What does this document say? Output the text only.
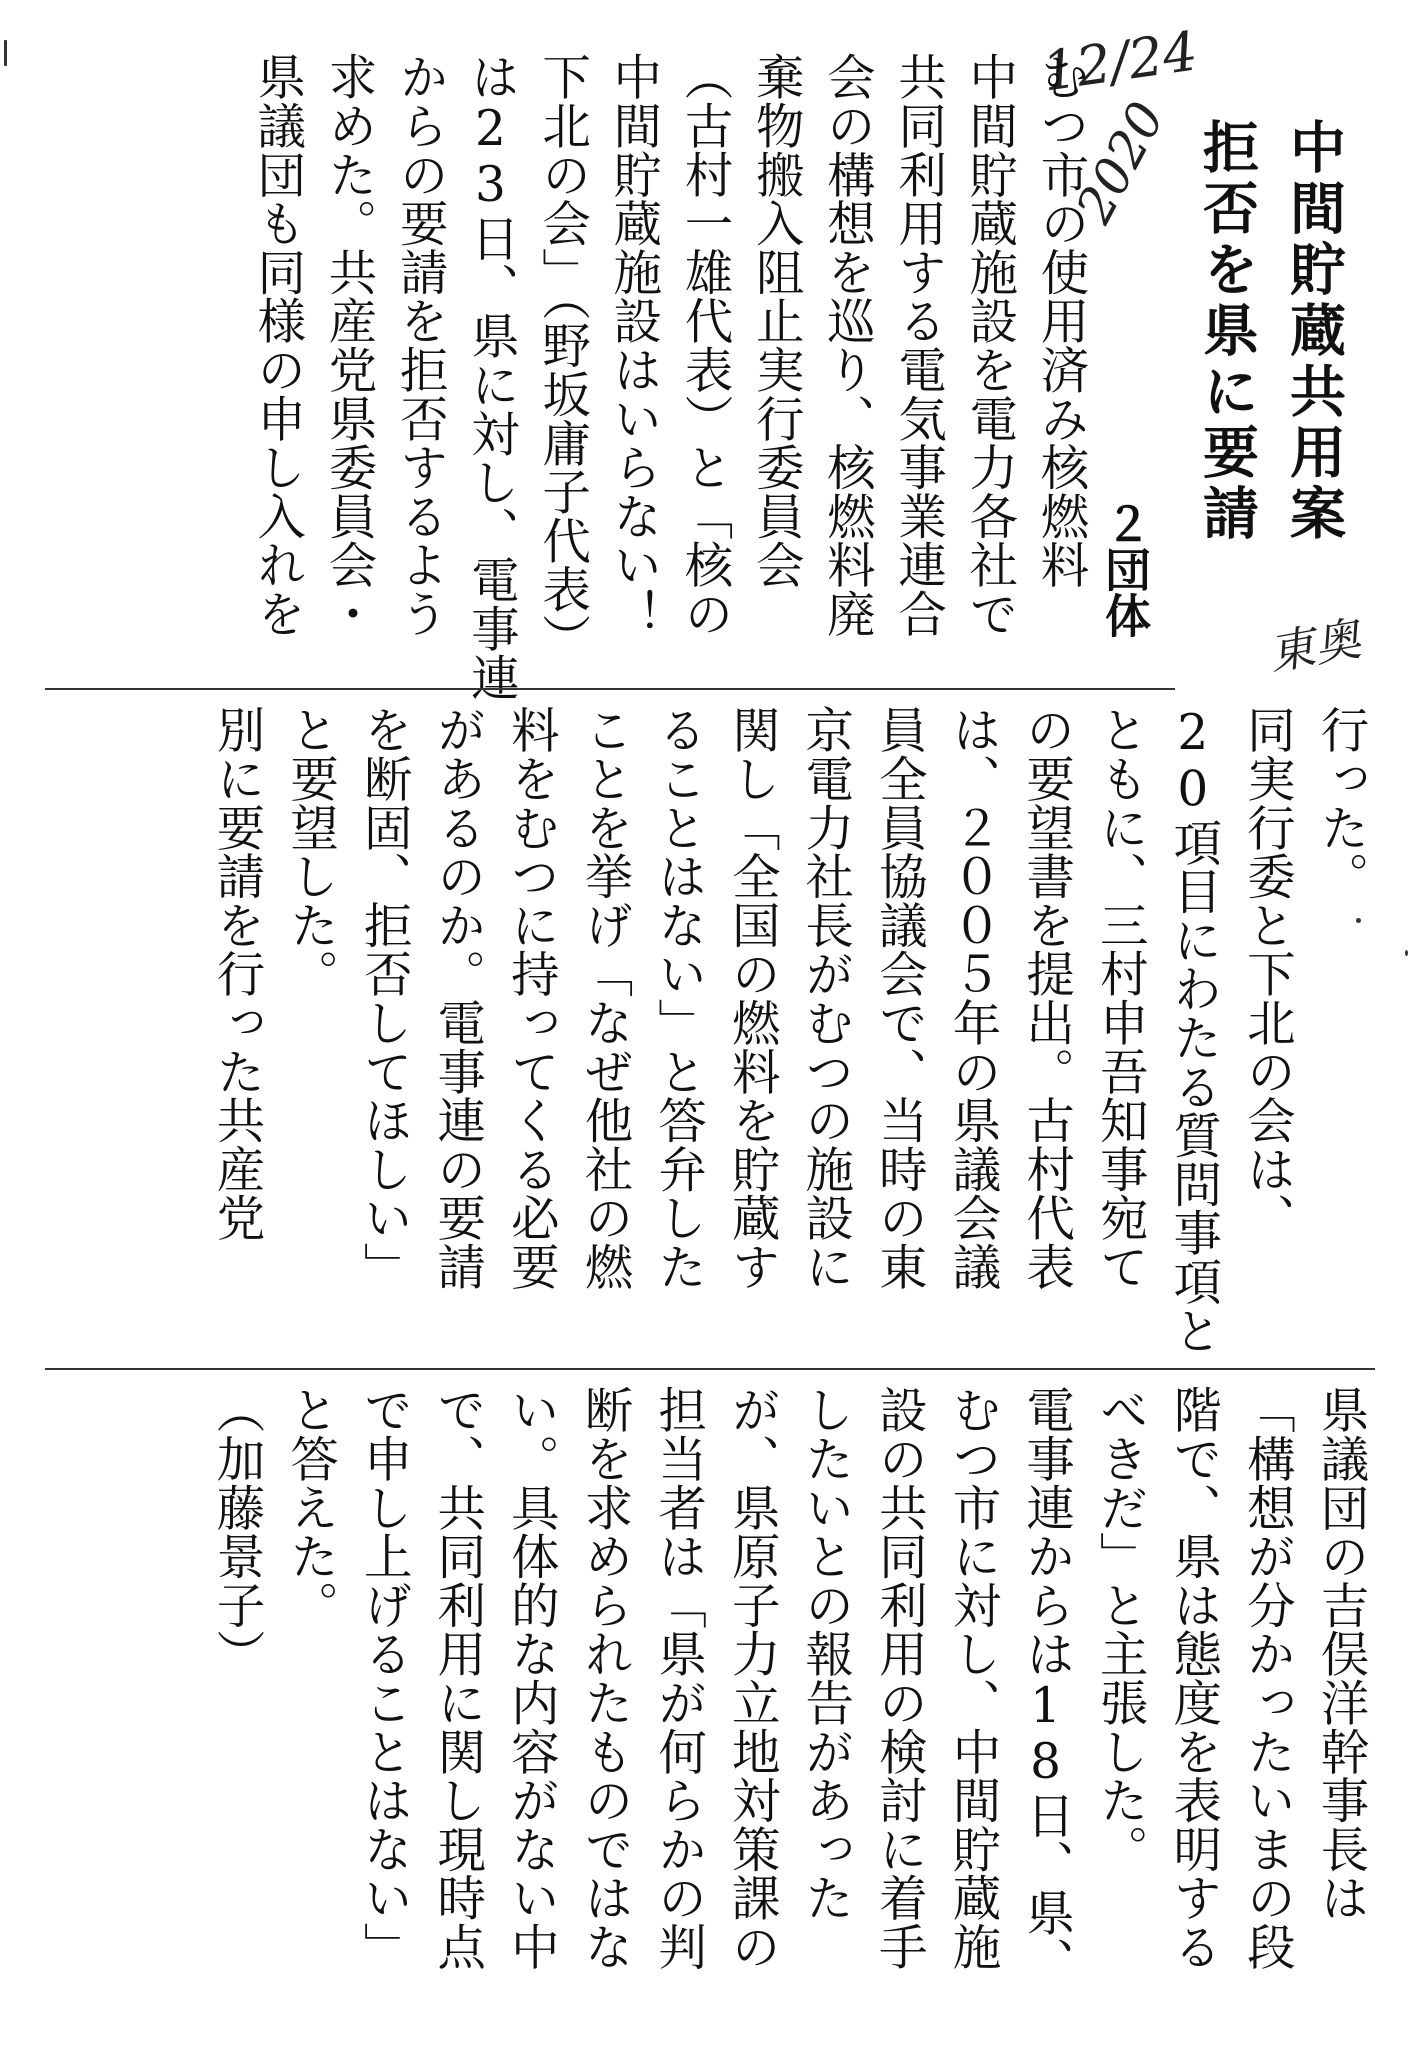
中間貯蔵共用案
拒否を県に要請
２団体
12/24
2020
東奥
むつ市の使用済み核燃料
中間貯蔵施設を電力各社で
共同利用する電気事業連合
会の構想を巡り、核燃料廃
棄物搬入阻止実行委員会
（古村一雄代表）と「核の
中間貯蔵施設はいらない！
下北の会」（野坂庸子代表）
は23日、県に対し、電事連
からの要請を拒否するよう
求めた。共産党県委員会・
県議団も同様の申し入れを
行った。
同実行委と下北の会は、
20項目にわたる質問事項と
ともに、三村申吾知事宛て
の要望書を提出。古村代表
は、２００５年の県議会議
員全員協議会で、当時の東
京電力社長がむつの施設に
関し「全国の燃料を貯蔵す
ることはない」と答弁した
ことを挙げ「なぜ他社の燃
料をむつに持ってくる必要
があるのか。電事連の要請
を断固、拒否してほしい」
と要望した。
別に要請を行った共産党
県議団の吉俣洋幹事長は
「構想が分かったいまの段
階で、県は態度を表明する
べきだ」と主張した。
電事連からは18日、県、
むつ市に対し、中間貯蔵施
設の共同利用の検討に着手
したいとの報告があった
が、県原子力立地対策課の
担当者は「県が何らかの判
断を求められたものではな
い。具体的な内容がない中
で、共同利用に関し現時点
で申し上げることはない」
と答えた。
（加藤景子）
